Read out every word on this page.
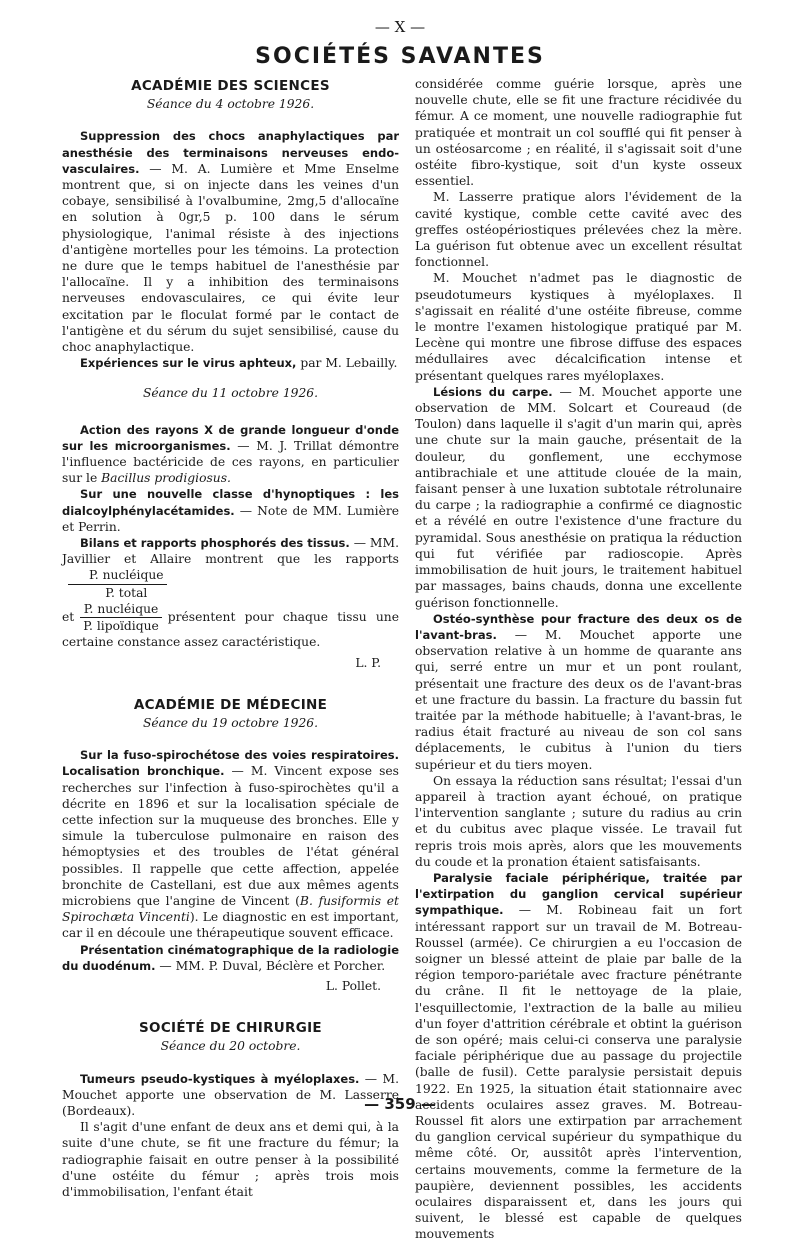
— X —
SOCIÉTÉS SAVANTES
ACADÉMIE DES SCIENCES
Séance du 4 octobre 1926.

Suppression des chocs anaphylactiques par anesthésie des terminaisons nerveuses endo-vasculaires. — M. A. Lumière et Mme Enselme montrent que, si on injecte dans les veines d'un cobaye, sensibilisé à l'ovalbumine, 2mg,5 d'allocaïne en solution à 0gr,5 p. 100 dans le sérum physiologique, l'animal résiste à des injections d'antigène mortelles pour les témoins. La protection ne dure que le temps habituel de l'anesthésie par l'allocaïne. Il y a inhibition des terminaisons nerveuses endovasculaires, ce qui évite leur excitation par le floculat formé par le contact de l'antigène et du sérum du sujet sensibilisé, cause du choc anaphylactique.

Expériences sur le virus aphteux, par M. Lebailly.

Séance du 11 octobre 1926.

Action des rayons X de grande longueur d'onde sur les microorganismes. — M. J. Trillat démontre l'influence bactéricide de ces rayons, en particulier sur le Bacillus prodigiosus.

Sur une nouvelle classe d'hynoptiques : les dialcoylphénylacétamides. — Note de MM. Lumière et Perrin.

Bilans et rapports phosphorés des tissus. — MM. Javillier et Allaire montrent que les rapports
$\frac{\text{P. nucléique}}{\text{P. total}}$

et $\frac{\text{P. nucléique}}{\text{P. lipoïdique}}$ présentent pour chaque tissu une certaine constance assez caractéristique.

L. P.
ACADÉMIE DE MÉDECINE
Séance du 19 octobre 1926.

Sur la fuso-spirochétose des voies respiratoires. Localisation bronchique. — M. Vincent expose ses recherches sur l'infection à fuso-spirochètes qu'il a décrite en 1896 et sur la localisation spéciale de cette infection sur la muqueuse des bronches. Elle y simule la tuberculose pulmonaire en raison des hémoptysies et des troubles de l'état général possibles. Il rappelle que cette affection, appelée bronchite de Castellani, est due aux mêmes agents microbiens que l'angine de Vincent (B. fusiformis et Spirochæta Vincenti). Le diagnostic en est important, car il en découle une thérapeutique souvent efficace.

Présentation cinématographique de la radiologie du duodénum. — MM. P. Duval, Béclère et Porcher.

L. Pollet.
SOCIÉTÉ DE CHIRURGIE
Séance du 20 octobre.

Tumeurs pseudo-kystiques à myéloplaxes. — M. Mouchet apporte une observation de M. Lasserre (Bordeaux).

Il s'agit d'une enfant de deux ans et demi qui, à la suite d'une chute, se fit une fracture du fémur; la radiographie faisait en outre penser à la possibilité d'une ostéite du fémur ; après trois mois d'immobilisation, l'enfant était

considérée comme guérie lorsque, après une nouvelle chute, elle se fit une fracture récidivée du fémur. A ce moment, une nouvelle radiographie fut pratiquée et montrait un col soufflé qui fit penser à un ostéosarcome ; en réalité, il s'agissait soit d'une ostéite fibro-kystique, soit d'un kyste osseux essentiel.

M. Lasserre pratique alors l'évidement de la cavité kystique, comble cette cavité avec des greffes ostéopériostiques prélevées chez la mère. La guérison fut obtenue avec un excellent résultat fonctionnel.

M. Mouchet n'admet pas le diagnostic de pseudotumeurs kystiques à myéloplaxes. Il s'agissait en réalité d'une ostéite fibreuse, comme le montre l'examen histologique pratiqué par M. Lecène qui montre une fibrose diffuse des espaces médullaires avec décalcification intense et présentant quelques rares myéloplaxes.

Lésions du carpe. — M. Mouchet apporte une observation de MM. Solcart et Coureaud (de Toulon) dans laquelle il s'agit d'un marin qui, après une chute sur la main gauche, présentait de la douleur, du gonflement, une ecchymose antibrachiale et une attitude clouée de la main, faisant penser à une luxation subtotale rétrolunaire du carpe ; la radiographie a confirmé ce diagnostic et a révélé en outre l'existence d'une fracture du pyramidal. Sous anesthésie on pratiqua la réduction qui fut vérifiée par radioscopie. Après immobilisation de huit jours, le traitement habituel par massages, bains chauds, donna une excellente guérison fonctionnelle.

Ostéo-synthèse pour fracture des deux os de l'avant-bras. — M. Mouchet apporte une observation relative à un homme de quarante ans qui, serré entre un mur et un pont roulant, présentait une fracture des deux os de l'avant-bras et une fracture du bassin. La fracture du bassin fut traitée par la méthode habituelle; à l'avant-bras, le radius était fracturé au niveau de son col sans déplacements, le cubitus à l'union du tiers supérieur et du tiers moyen.

On essaya la réduction sans résultat; l'essai d'un appareil à traction ayant échoué, on pratique l'intervention sanglante ; suture du radius au crin et du cubitus avec plaque vissée. Le travail fut repris trois mois après, alors que les mouvements du coude et la pronation étaient satisfaisants.

Paralysie faciale périphérique, traitée par l'extirpation du ganglion cervical supérieur sympathique. — M. Robineau fait un fort intéressant rapport sur un travail de M. Botreau-Roussel (armée). Ce chirurgien a eu l'occasion de soigner un blessé atteint de plaie par balle de la région temporo-pariétale avec fracture pénétrante du crâne. Il fit le nettoyage de la plaie, l'esquillectomie, l'extraction de la balle au milieu d'un foyer d'attrition cérébrale et obtint la guérison de son opéré; mais celui-ci conserva une paralysie faciale périphérique due au passage du projectile (balle de fusil). Cette paralysie persistait depuis 1922. En 1925, la situation était stationnaire avec accidents oculaires assez graves. M. Botreau-Roussel fit alors une extirpation par arrachement du ganglion cervical supérieur du sympathique du même côté. Or, aussitôt après l'intervention, certains mouvements, comme la fermeture de la paupière, deviennent possibles, les accidents oculaires disparaissent et, dans les jours qui suivent, le blessé est capable de quelques mouvements

— 359 —
